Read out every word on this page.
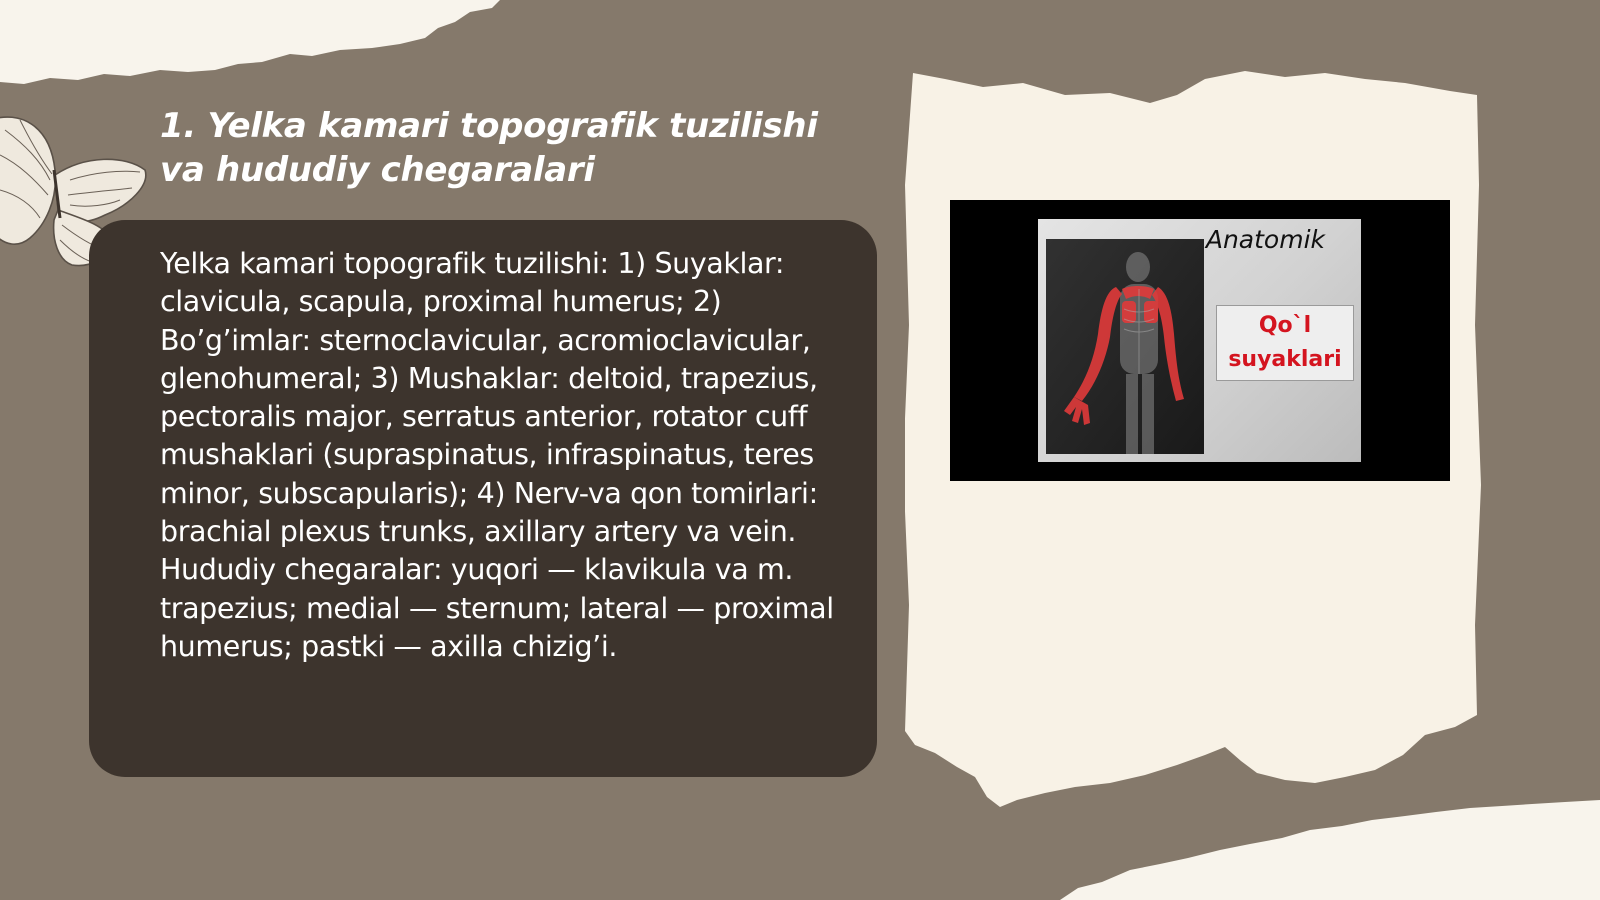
1. Yelka kamari topografik tuzilishi va hududiy chegaralari

Yelka kamari topografik tuzilishi: 1) Suyaklar: clavicula, scapula, proximal humerus; 2) Bo’g’imlar: sternoclavicular, acromioclavicular, glenohumeral; 3) Mushaklar: deltoid, trapezius, pectoralis major, serratus anterior, rotator cuff mushaklari (supraspinatus, infraspinatus, teres minor, subscapularis); 4) Nerv-va qon tomirlari: brachial plexus trunks, axillary artery va vein. Hududiy chegaralar: yuqori — klavikula va m. trapezius; medial — sternum; lateral — proximal humerus; pastki — axilla chizig’i.

Anatomik
Qo`l
suyaklari
